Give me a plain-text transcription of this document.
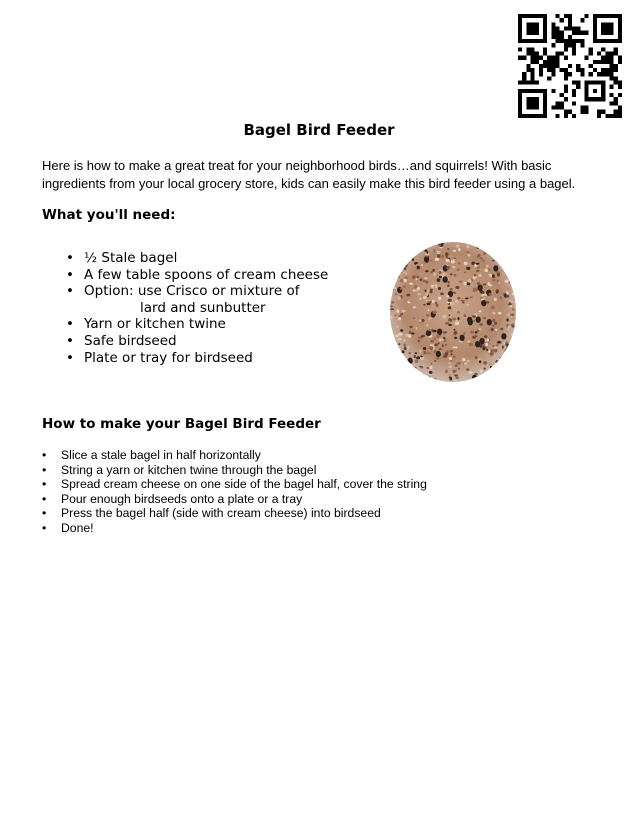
Bagel Bird Feeder

Here is how to make a great treat for your neighborhood birds…and squirrels! With basic ingredients from your local grocery store, kids can easily make this bird feeder using a bagel.

What you'll need:
• ½ Stale bagel
• A few table spoons of cream cheese
• Option: use Crisco or mixture of
lard and sunbutter
• Yarn or kitchen twine
• Safe birdseed
• Plate or tray for birdseed
How to make your Bagel Bird Feeder
• Slice a stale bagel in half horizontally
• String a yarn or kitchen twine through the bagel
• Spread cream cheese on one side of the bagel half, cover the string
• Pour enough birdseeds onto a plate or a tray
• Press the bagel half (side with cream cheese) into birdseed
• Done!
